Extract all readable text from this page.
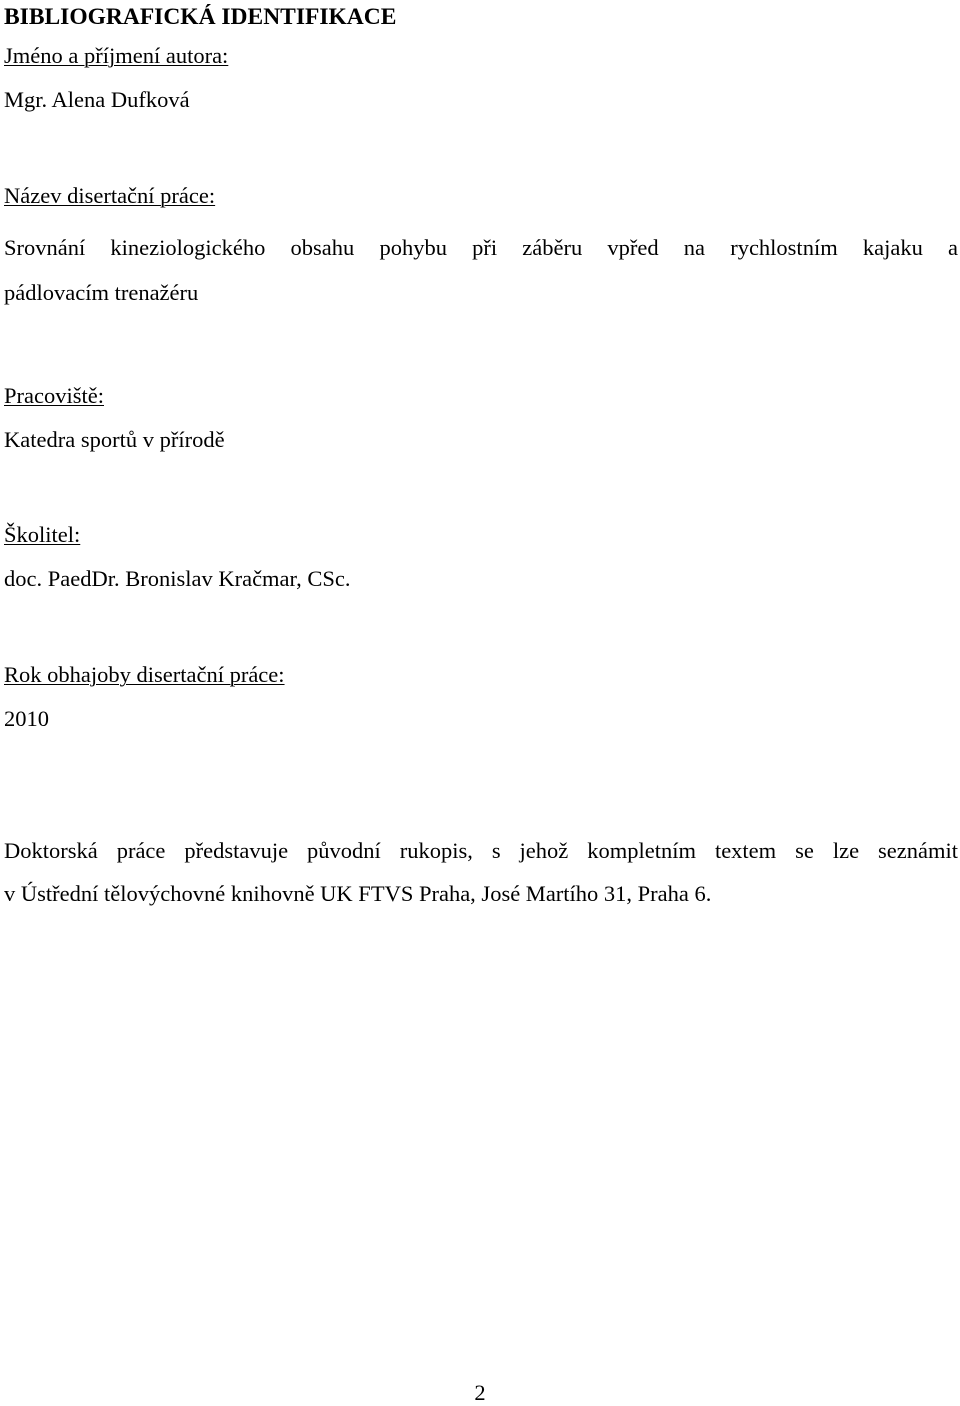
BIBLIOGRAFICKÁ IDENTIFIKACE
Jméno a příjmení autora:
Mgr. Alena Dufková
Název disertační práce:
Srovnání kineziologického obsahu pohybu při záběru vpřed na rychlostním kajaku a
pádlovacím trenažéru
Pracoviště:
Katedra sportů v přírodě
Školitel:
doc. PaedDr. Bronislav Kračmar, CSc.
Rok obhajoby disertační práce:
2010
Doktorská práce představuje původní rukopis, s jehož kompletním textem se lze seznámit
v Ústřední tělovýchovné knihovně UK FTVS Praha, José Martího 31, Praha 6.
2
